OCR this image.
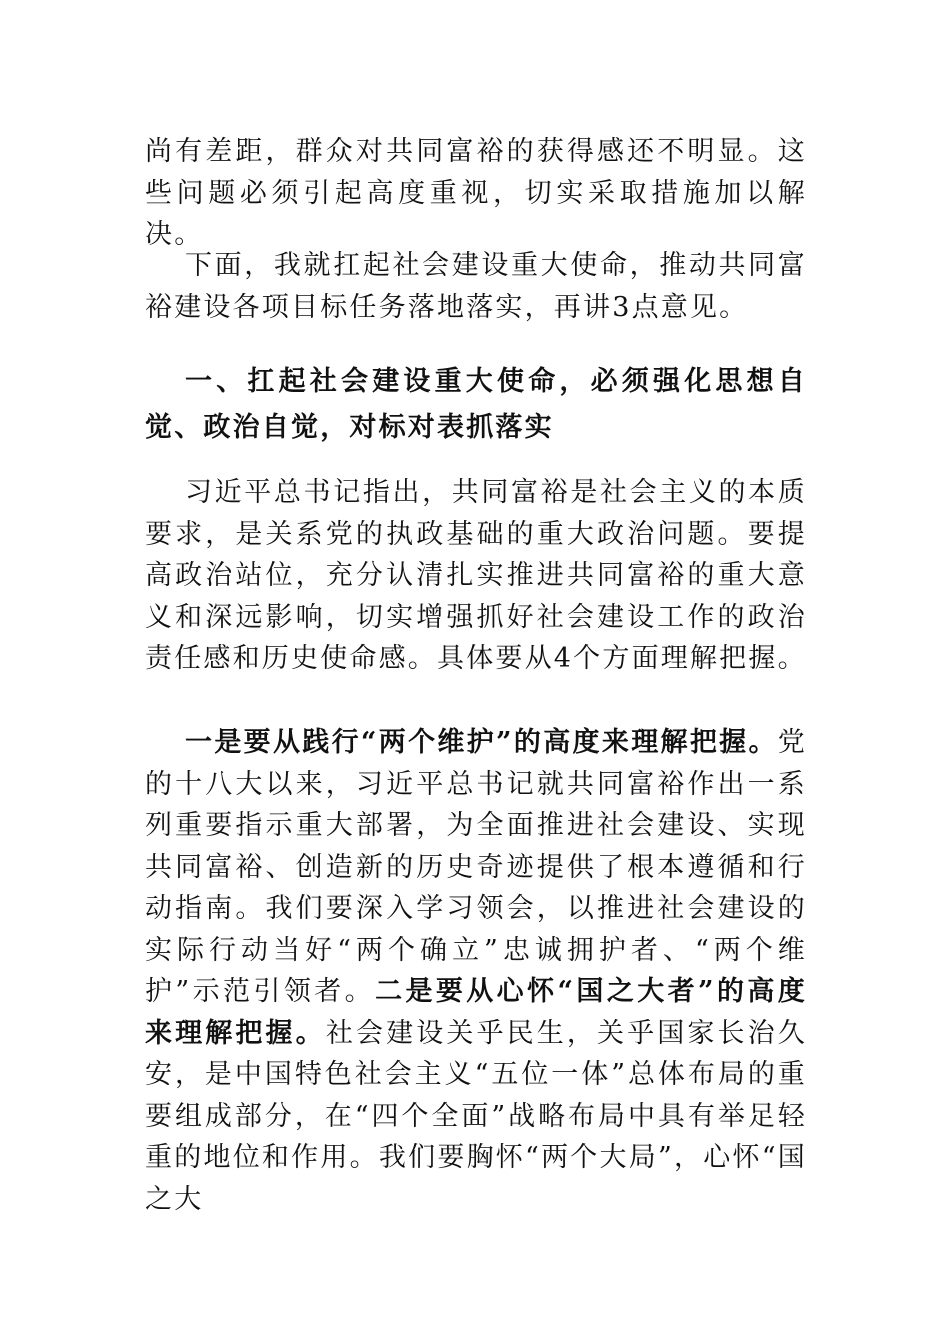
尚有差距，群众对共同富裕的获得感还不明显。这些问题必须引起高度重视，切实采取措施加以解决。
下面，我就扛起社会建设重大使命，推动共同富裕建设各项目标任务落地落实，再讲3点意见。
一、扛起社会建设重大使命，必须强化思想自觉、政治自觉，对标对表抓落实
习近平总书记指出，共同富裕是社会主义的本质要求，是关系党的执政基础的重大政治问题。要提高政治站位，充分认清扎实推进共同富裕的重大意义和深远影响，切实增强抓好社会建设工作的政治责任感和历史使命感。具体要从4个方面理解把握。
一是要从践行“两个维护”的高度来理解把握。党的十八大以来，习近平总书记就共同富裕作出一系列重要指示重大部署，为全面推进社会建设、实现共同富裕、创造新的历史奇迹提供了根本遵循和行动指南。我们要深入学习领会，以推进社会建设的实际行动当好“两个确立”忠诚拥护者、“两个维护”示范引领者。二是要从心怀“国之大者”的高度来理解把握。社会建设关乎民生，关乎国家长治久安，是中国特色社会主义“五位一体”总体布局的重要组成部分，在“四个全面”战略布局中具有举足轻重的地位和作用。我们要胸怀“两个大局”，心怀“国之大
